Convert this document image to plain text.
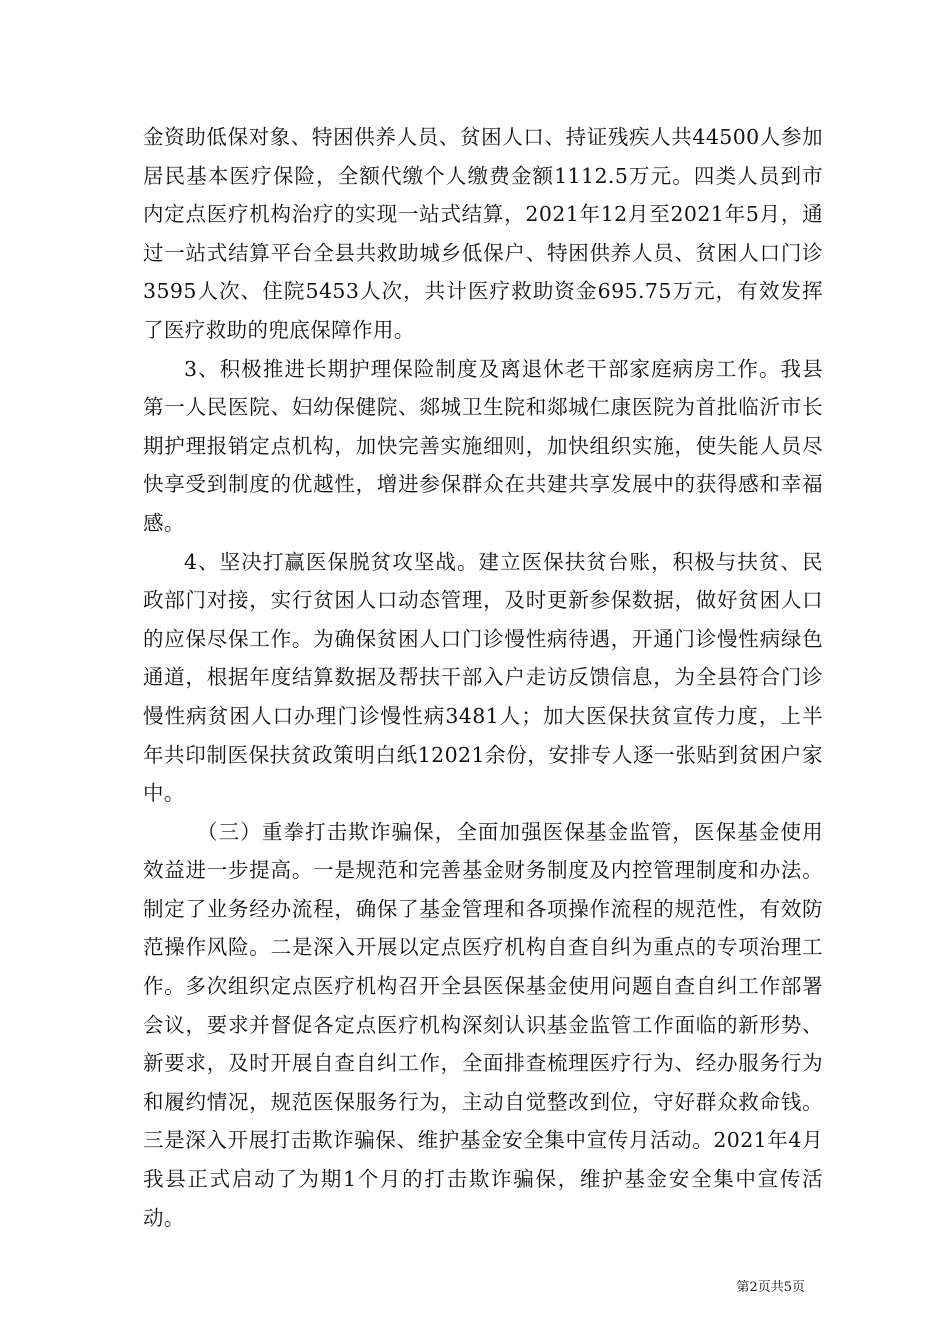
金资助低保对象、特困供养人员、贫困人口、持证残疾人共44500人参加居民基本医疗保险，全额代缴个人缴费金额1112.5万元。四类人员到市内定点医疗机构治疗的实现一站式结算，2021年12月至2021年5月，通过一站式结算平台全县共救助城乡低保户、特困供养人员、贫困人口门诊3595人次、住院5453人次，共计医疗救助资金695.75万元，有效发挥了医疗救助的兜底保障作用。

3、积极推进长期护理保险制度及离退休老干部家庭病房工作。我县第一人民医院、妇幼保健院、郯城卫生院和郯城仁康医院为首批临沂市长期护理报销定点机构，加快完善实施细则，加快组织实施，使失能人员尽快享受到制度的优越性，增进参保群众在共建共享发展中的获得感和幸福感。

4、坚决打赢医保脱贫攻坚战。建立医保扶贫台账，积极与扶贫、民政部门对接，实行贫困人口动态管理，及时更新参保数据，做好贫困人口的应保尽保工作。为确保贫困人口门诊慢性病待遇，开通门诊慢性病绿色通道，根据年度结算数据及帮扶干部入户走访反馈信息，为全县符合门诊慢性病贫困人口办理门诊慢性病3481人；加大医保扶贫宣传力度，上半年共印制医保扶贫政策明白纸12021余份，安排专人逐一张贴到贫困户家中。

（三）重拳打击欺诈骗保，全面加强医保基金监管，医保基金使用效益进一步提高。一是规范和完善基金财务制度及内控管理制度和办法。制定了业务经办流程，确保了基金管理和各项操作流程的规范性，有效防范操作风险。二是深入开展以定点医疗机构自查自纠为重点的专项治理工作。多次组织定点医疗机构召开全县医保基金使用问题自查自纠工作部署会议，要求并督促各定点医疗机构深刻认识基金监管工作面临的新形势、新要求，及时开展自查自纠工作，全面排查梳理医疗行为、经办服务行为和履约情况，规范医保服务行为，主动自觉整改到位，守好群众救命钱。三是深入开展打击欺诈骗保、维护基金安全集中宣传月活动。2021年4月我县正式启动了为期1个月的打击欺诈骗保，维护基金安全集中宣传活动。

第2页共5页
